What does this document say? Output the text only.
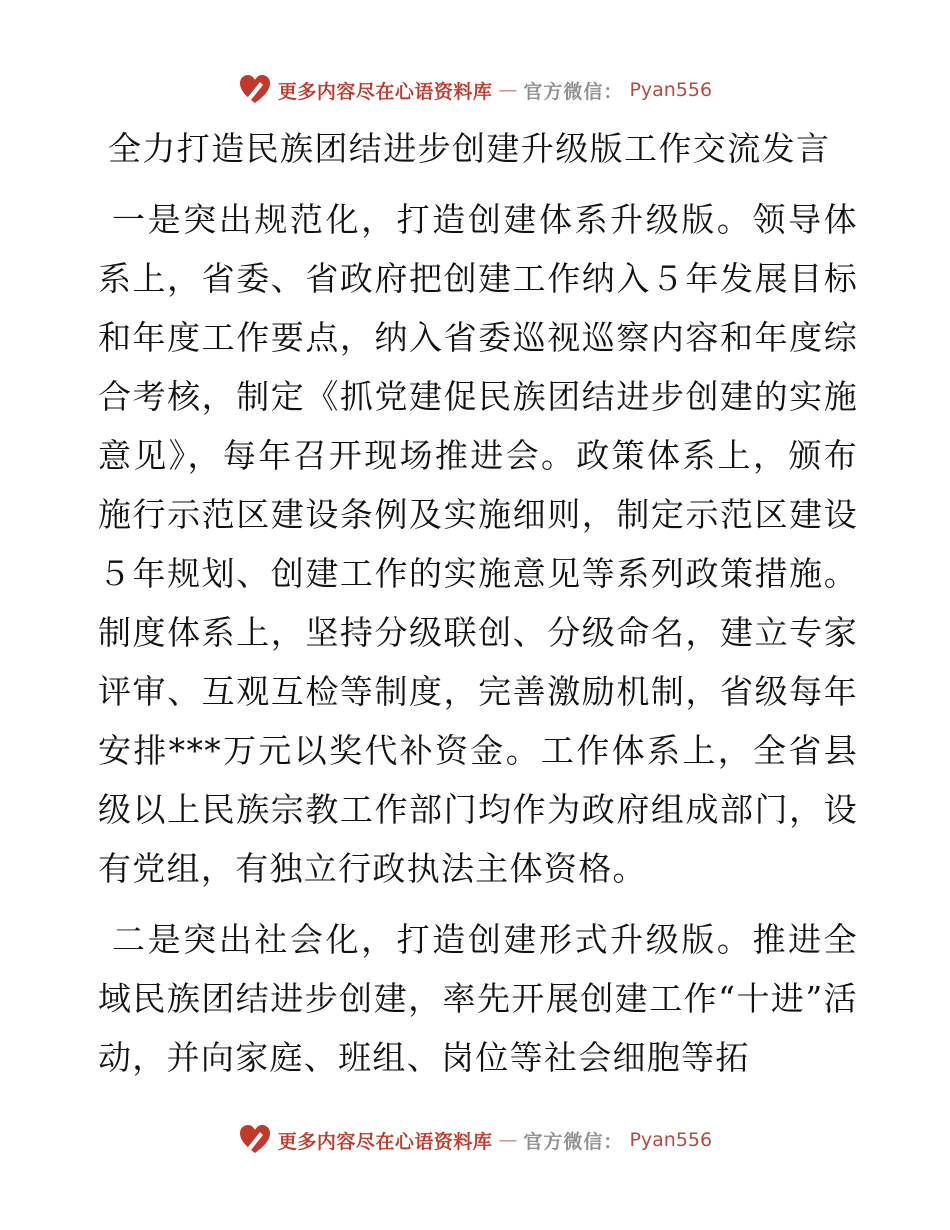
更多内容尽在心语资料库 — 官方微信： Pyan556
全力打造民族团结进步创建升级版工作交流发言

一是突出规范化，打造创建体系升级版。领导体系上，省委、省政府把创建工作纳入５年发展目标和年度工作要点，纳入省委巡视巡察内容和年度综合考核，制定《抓党建促民族团结进步创建的实施意见》，每年召开现场推进会。政策体系上，颁布施行示范区建设条例及实施细则，制定示范区建设５年规划、创建工作的实施意见等系列政策措施。制度体系上，坚持分级联创、分级命名，建立专家评审、互观互检等制度，完善激励机制，省级每年安排***万元以奖代补资金。工作体系上，全省县级以上民族宗教工作部门均作为政府组成部门，设有党组，有独立行政执法主体资格。

二是突出社会化，打造创建形式升级版。推进全域民族团结进步创建，率先开展创建工作“十进”活动，并向家庭、班组、岗位等社会细胞等拓

更多内容尽在心语资料库 — 官方微信： Pyan556
